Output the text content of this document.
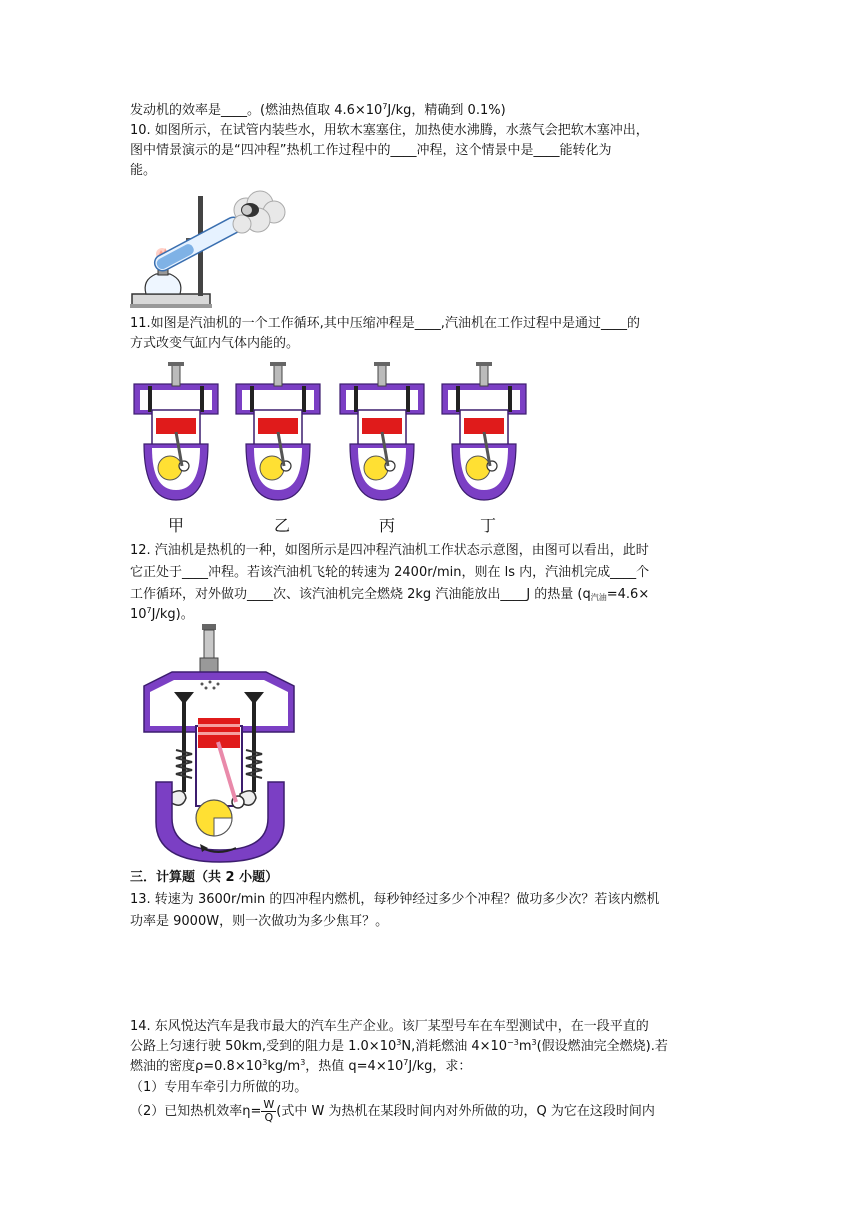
发动机的效率是____。(燃油热值取 $4.6\times 10^7J/kg$，精确到 0.1%)
10. 如图所示，在试管内装些水，用软木塞塞住，加热使水沸腾，水蒸气会把软木塞冲出，
图中情景演示的是“四冲程”热机工作过程中的____冲程，这个情景中是____能转化为
能。
11.如图是汽油机的一个工作循环,其中压缩冲程是____,汽油机在工作过程中是通过____的
方式改变气缸内气体内能的。
甲	乙	丙	丁
12. 汽油机是热机的一种，如图所示是四冲程汽油机工作状态示意图，由图可以看出，此时
它正处于____冲程。若该汽油机飞轮的转速为 2400r/min，则在 ls 内，汽油机完成____个
工作循环，对外做功____次、该汽油机完全燃烧 2kg 汽油能放出____J 的热量 ($q_{汽油}=4.6\times$
$10^7J/kg$)。
三．计算题（共 2 小题）
13. 转速为 3600r/min 的四冲程内燃机，每秒钟经过多少个冲程？做功多少次？若该内燃机
功率是 9000W，则一次做功为多少焦耳？。
14. 东风悦达汽车是我市最大的汽车生产企业。该厂某型号车在车型测试中，在一段平直的
公路上匀速行驶 50km,受到的阻力是 $1.0\times 10^3N$,消耗燃油 $4\times 10^{-3}m^3$(假设燃油完全燃烧).若
燃油的密度$\rho=0.8\times 10^3kg/m^3$，热值 $q=4\times 10^7J/kg$，求：
（1）专用车牵引力所做的功。
（2）已知热机效率$\eta= \frac{W}{Q}$ (式中 W 为热机在某段时间内对外所做的功，Q 为它在这段时间内
